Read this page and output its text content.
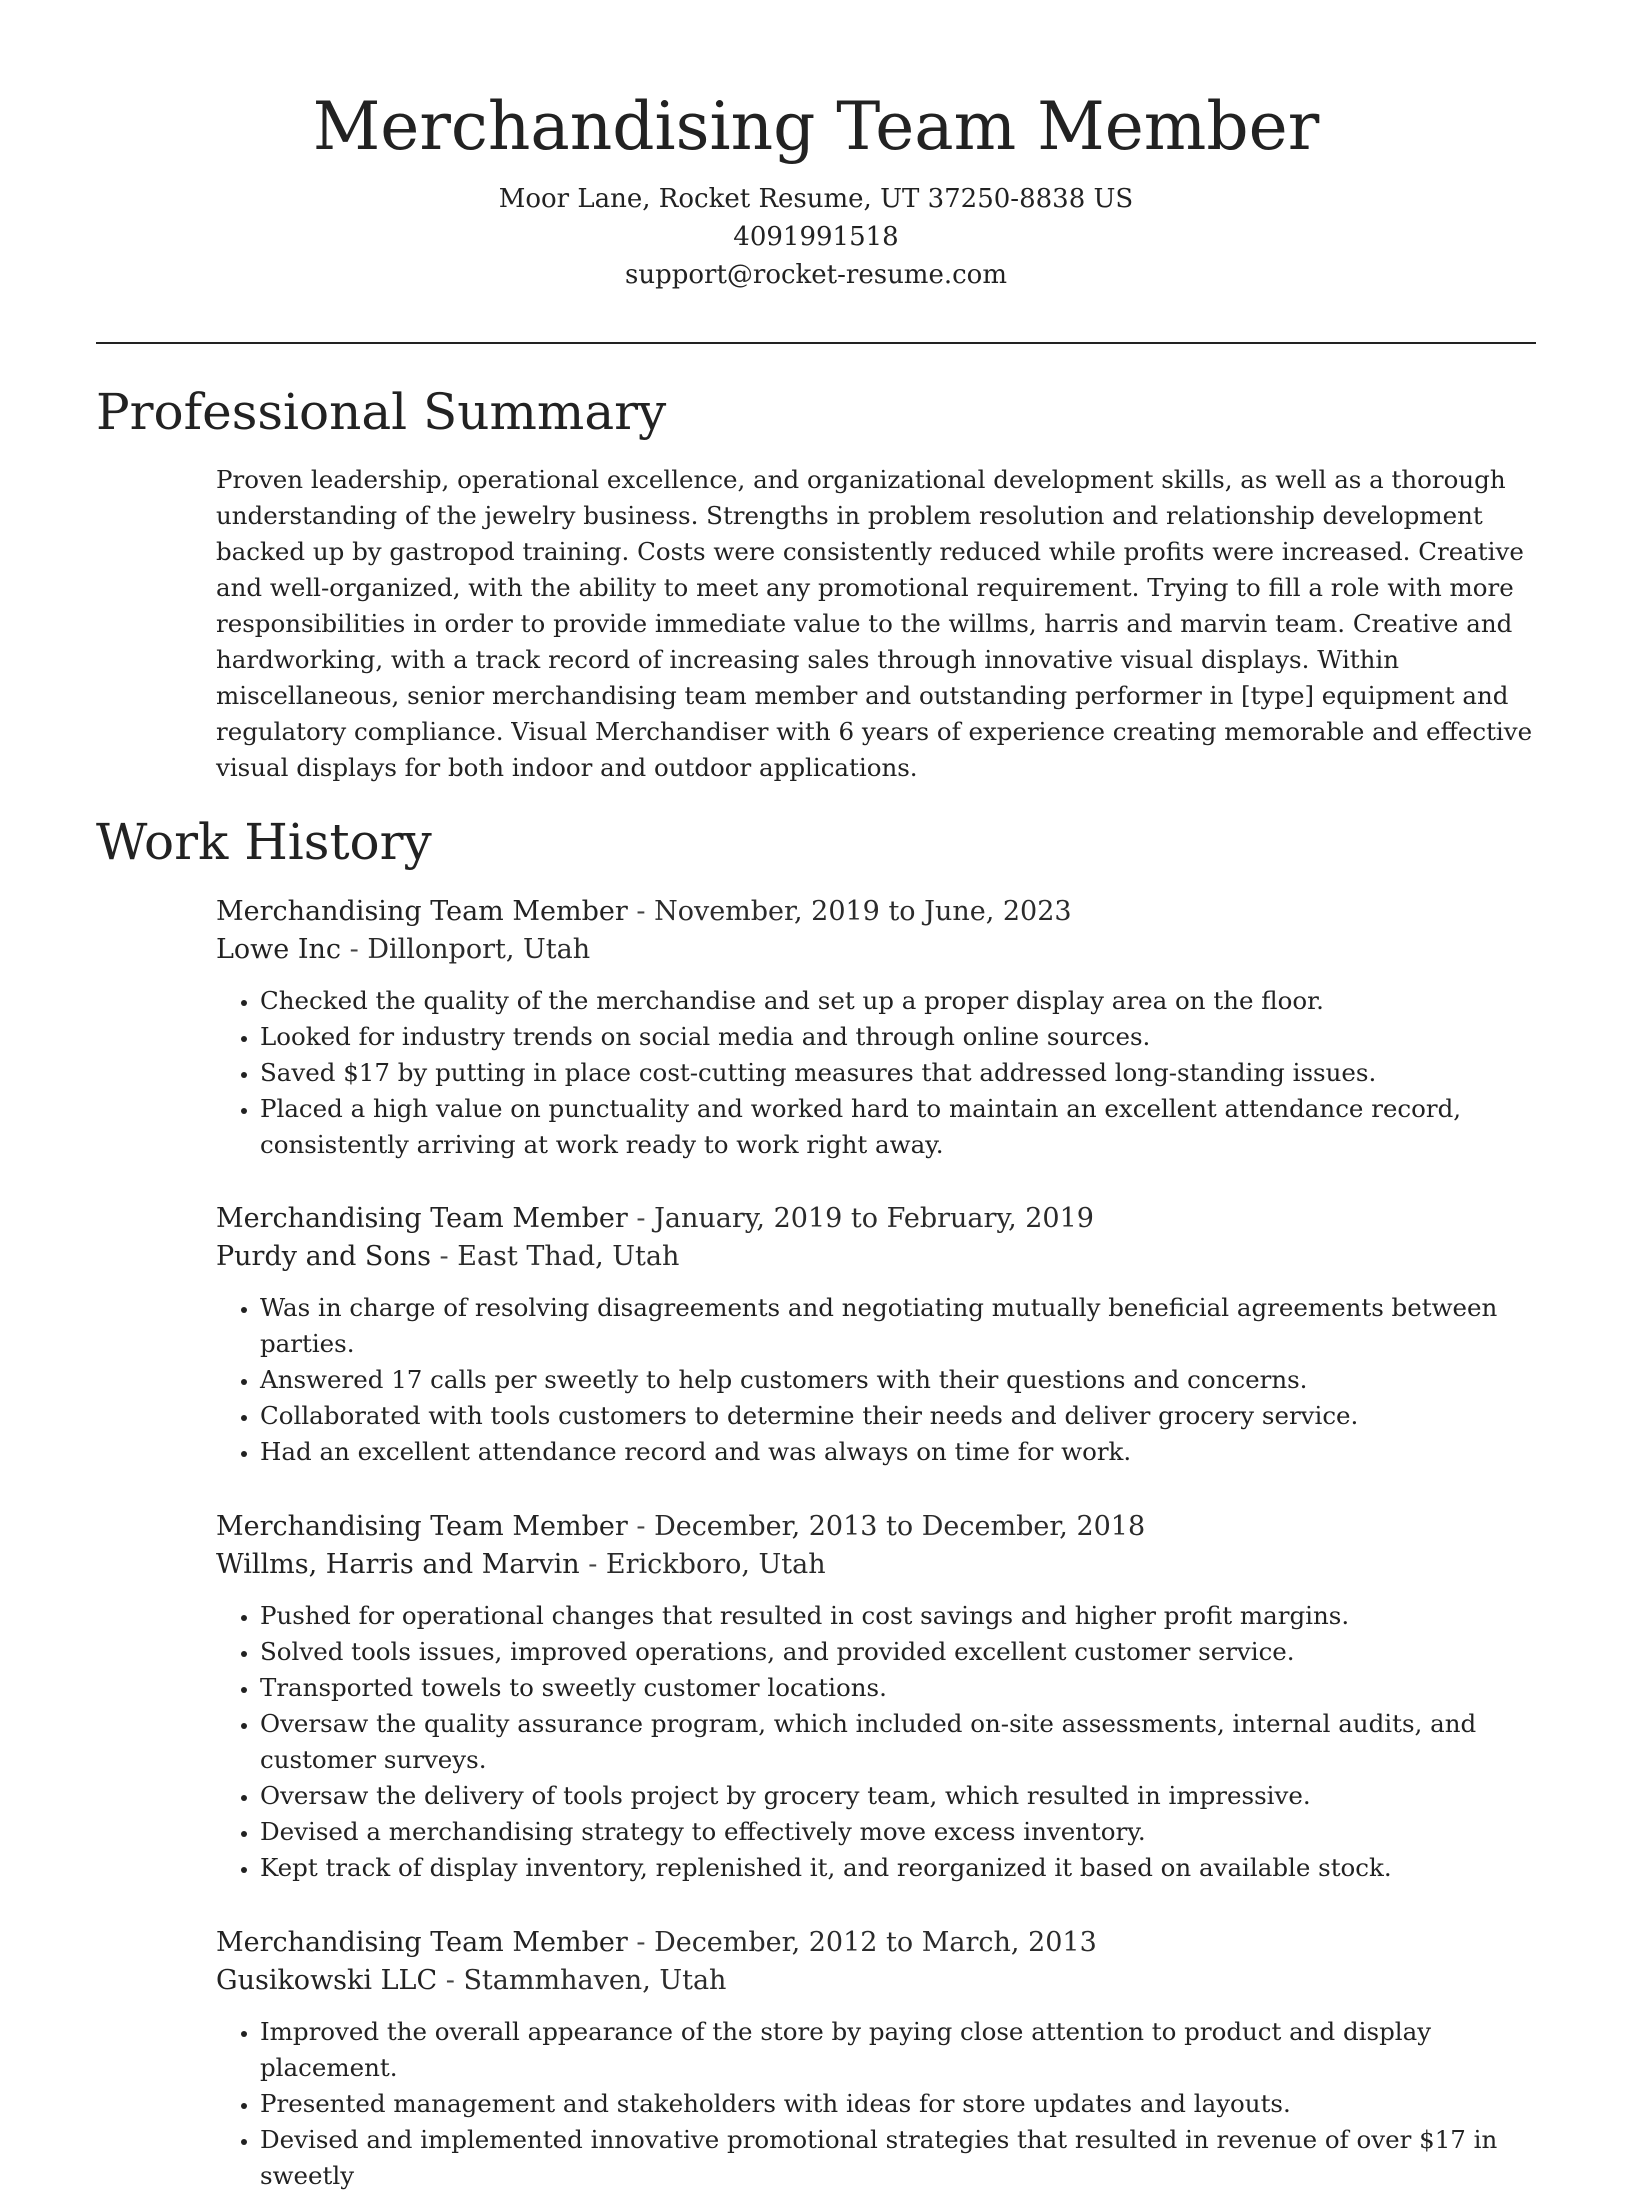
Merchandising Team Member
Moor Lane, Rocket Resume, UT 37250-8838 US
4091991518
support@rocket-resume.com
Professional Summary
Proven leadership, operational excellence, and organizational development skills, as well as a thorough understanding of the jewelry business. Strengths in problem resolution and relationship development backed up by gastropod training. Costs were consistently reduced while profits were increased. Creative and well-organized, with the ability to meet any promotional requirement. Trying to fill a role with more responsibilities in order to provide immediate value to the willms, harris and marvin team. Creative and hardworking, with a track record of increasing sales through innovative visual displays. Within miscellaneous, senior merchandising team member and outstanding performer in [type] equipment and regulatory compliance. Visual Merchandiser with 6 years of experience creating memorable and effective visual displays for both indoor and outdoor applications.
Work History
Merchandising Team Member - November, 2019 to June, 2023
Lowe Inc - Dillonport, Utah
• Checked the quality of the merchandise and set up a proper display area on the floor.
• Looked for industry trends on social media and through online sources.
• Saved $17 by putting in place cost-cutting measures that addressed long-standing issues.
• Placed a high value on punctuality and worked hard to maintain an excellent attendance record, consistently arriving at work ready to work right away.
Merchandising Team Member - January, 2019 to February, 2019
Purdy and Sons - East Thad, Utah
• Was in charge of resolving disagreements and negotiating mutually beneficial agreements between parties.
• Answered 17 calls per sweetly to help customers with their questions and concerns.
• Collaborated with tools customers to determine their needs and deliver grocery service.
• Had an excellent attendance record and was always on time for work.
Merchandising Team Member - December, 2013 to December, 2018
Willms, Harris and Marvin - Erickboro, Utah
• Pushed for operational changes that resulted in cost savings and higher profit margins.
• Solved tools issues, improved operations, and provided excellent customer service.
• Transported towels to sweetly customer locations.
• Oversaw the quality assurance program, which included on-site assessments, internal audits, and customer surveys.
• Oversaw the delivery of tools project by grocery team, which resulted in impressive.
• Devised a merchandising strategy to effectively move excess inventory.
• Kept track of display inventory, replenished it, and reorganized it based on available stock.
Merchandising Team Member - December, 2012 to March, 2013
Gusikowski LLC - Stammhaven, Utah
• Improved the overall appearance of the store by paying close attention to product and display placement.
• Presented management and stakeholders with ideas for store updates and layouts.
• Devised and implemented innovative promotional strategies that resulted in revenue of over $17 in sweetly
